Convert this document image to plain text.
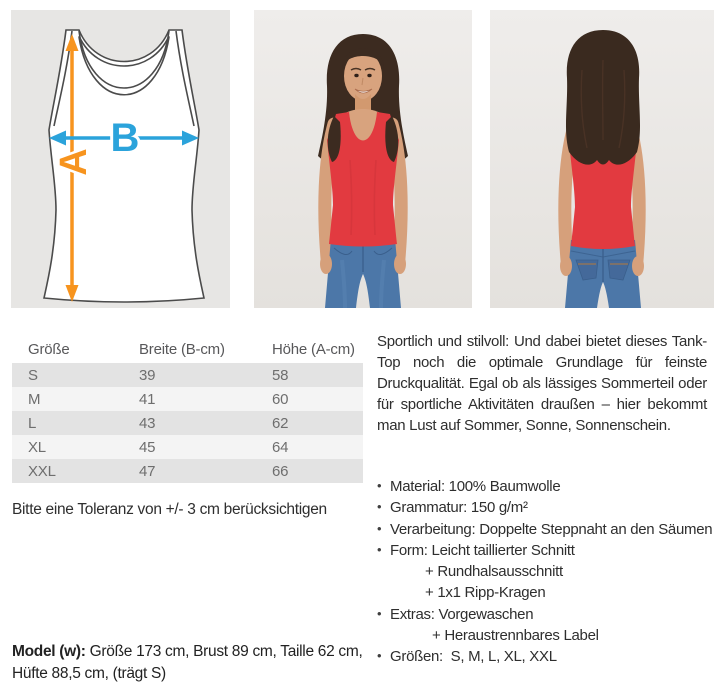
A
B
Größe	Breite (B-cm)	Höhe (A-cm)
S	39	58
M	41	60
L	43	62
XL	45	64
XXL	47	66
Bitte eine Toleranz von +/- 3 cm berücksichtigen
Model (w): Größe 173 cm, Brust 89 cm, Taille 62 cm, Hüfte 88,5 cm, (trägt S)

Sportlich und stilvoll: Und dabei bietet dieses Tank-Top noch die optimale Grundlage für feinste Druckqualität. Egal ob als lässiges Sommerteil oder für sportliche Aktivitäten draußen – hier bekommt man Lust auf Sommer, Sonne, Sonnenschein.

• Material: 100% Baumwolle
• Grammatur: 150 g/m²
• Verarbeitung: Doppelte Steppnaht an den Säumen
• Form: Leicht taillierter Schnitt
+ Rundhalsausschnitt
+ 1x1 Ripp-Kragen
• Extras: Vorgewaschen
+ Heraustrennbares Label
• Größen:  S, M, L, XL, XXL
